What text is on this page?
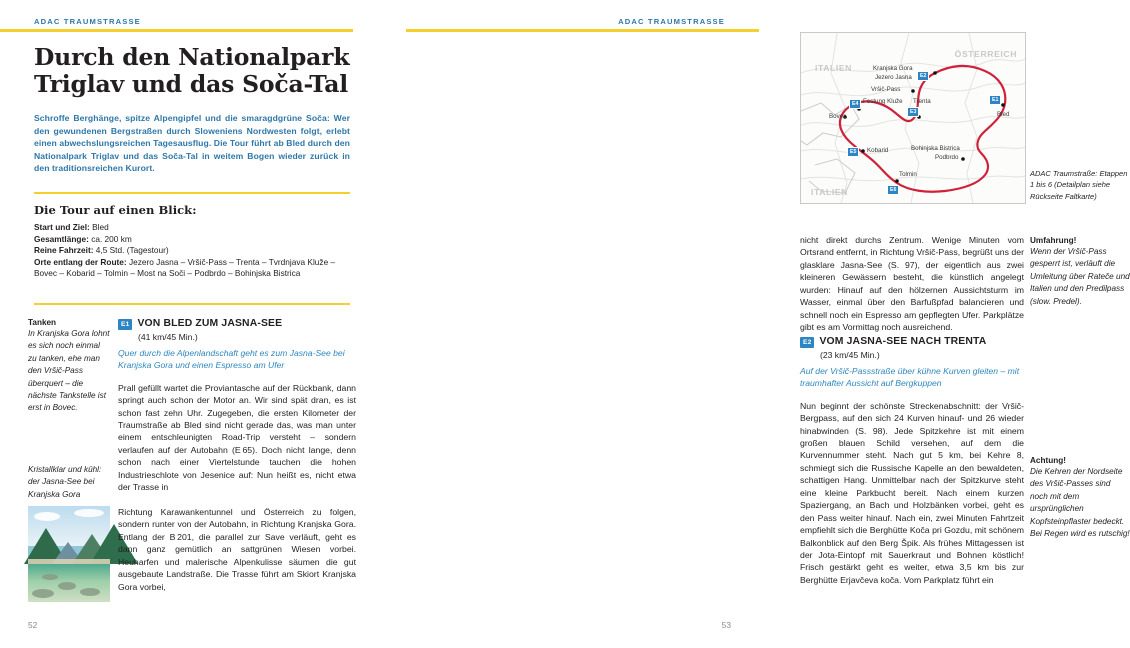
ADAC TRAUMSTRASSE
Durch den Nationalpark
Triglav und das Soča-Tal
Schroffe Berghänge, spitze Alpengipfel und die smaragdgrüne Soča: Wer den gewundenen Bergstraßen durch Sloweniens Nordwesten folgt, erlebt einen abwechslungsreichen Tagesausflug. Die Tour führt ab Bled durch den Nationalpark Triglav und das Soča-Tal in weitem Bogen wieder zurück in den traditionsreichen Kurort.
Die Tour auf einen Blick:
Start und Ziel: Bled
Gesamtlänge: ca. 200 km
Reine Fahrzeit: 4,5 Std. (Tagestour)
Orte entlang der Route: Jezero Jasna – Vršič-Pass – Trenta – Tvrdnjava Kluže – Bovec – Kobarid – Tolmin – Most na Soči – Podbrdo – Bohinjska Bistrica
Tanken

In Kranjska Gora lohnt es sich noch einmal zu tanken, ehe man den Vršič-Pass überquert – die nächste Tankstelle ist erst in Bovec.

Kristallklar und kühl: der Jasna-See bei Kranjska Gora

E1 VON BLED ZUM JASNA-SEE
(41 km/45 Min.)

Quer durch die Alpenlandschaft geht es zum Jasna-See bei Kranjska Gora und einen Espresso am Ufer

Prall gefüllt wartet die Proviantasche auf der Rückbank, dann springt auch schon der Motor an. Wir sind spät dran, es ist schon fast zehn Uhr. Zugegeben, die ersten Kilometer der Traumstraße ab Bled sind nicht gerade das, was man unter einem entschleunigten Road-Trip versteht – sondern verlaufen auf der Autobahn (E 65). Doch nicht lange, denn schon nach einer Viertelstunde tauchen die hohen Industrieschlote von Jesenice auf: Nun heißt es, nicht etwa der Trasse in

Richtung Karawankentunnel und Österreich zu folgen, sondern runter von der Autobahn, in Richtung Kranjska Gora. Entlang der B 201, die parallel zur Save verläuft, geht es dann ganz gemütlich an sattgrünen Wiesen vorbei. Heuharfen und malerische Alpenkulisse säumen die gut ausgebaute Landstraße. Die Trasse führt am Skiort Kranjska Gora vorbei,

52
ADAC TRAUMSTRASSE
ITALIEN
ÖSTERREICH
ITALIEN
Kranjska Gora
Jezero Jasna
Vršič-Pass
Festung Kluže Trenta
Bovec
Kobarid
Tolmin
Bohinjska Bistrica
Podbrdo
Bled
E1
E2
E3
E4
E5
E6
ADAC Traumstraße: Etappen 1 bis 6 (Detailplan siehe Rückseite Faltkarte)
Umfahrung!

Wenn der Vršič-Pass gesperrt ist, verläuft die Umleitung über Rateče und Italien und den Predilpass (slow. Predel).

Achtung!

Die Kehren der Nordseite des Vršič-Passes sind noch mit dem ursprünglichen Kopfsteinpflaster bedeckt. Bei Regen wird es rutschig!

nicht direkt durchs Zentrum. Wenige Minuten vom Ortsrand entfernt, in Richtung Vršič-Pass, begrüßt uns der glasklare Jasna-See (S. 97), der eigentlich aus zwei kleineren Gewässern besteht, die künstlich angelegt wurden: Hinauf auf den hölzernen Aussichtsturm im Wasser, einmal über den Barfußpfad balancieren und schnell noch ein Espresso am gepflegten Ufer. Parkplätze gibt es am Vormittag noch ausreichend.

E2 VOM JASNA-SEE NACH TRENTA
(23 km/45 Min.)

Auf der Vršič-Passstraße über kühne Kurven gleiten – mit traumhafter Aussicht auf Bergkuppen

Nun beginnt der schönste Streckenabschnitt: der Vršič-Bergpass, auf den sich 24 Kurven hinauf- und 26 wieder hinabwinden (S. 98). Jede Spitzkehre ist mit einem großen blauen Schild versehen, auf dem die Kurvennummer steht. Nach gut 5 km, bei Kehre 8, schmiegt sich die Russische Kapelle an den bewaldeten, schattigen Hang. Unmittelbar nach der Spitzkurve steht eine kleine Parkbucht bereit. Nach einem kurzen Spaziergang, an Bach und Holzbänken vorbei, geht es den Pass weiter hinauf. Nach ein, zwei Minuten Fahrtzeit empfiehlt sich die Berghütte Koča pri Gozdu, mit schönem Balkonblick auf den Berg Špik. Als frühes Mittagessen ist der Jota-Eintopf mit Sauerkraut und Bohnen köstlich! Frisch gestärkt geht es weiter, etwa 3,5 km bis zur Berghütte Erjavčeva koča. Vom Parkplatz führt ein

53
